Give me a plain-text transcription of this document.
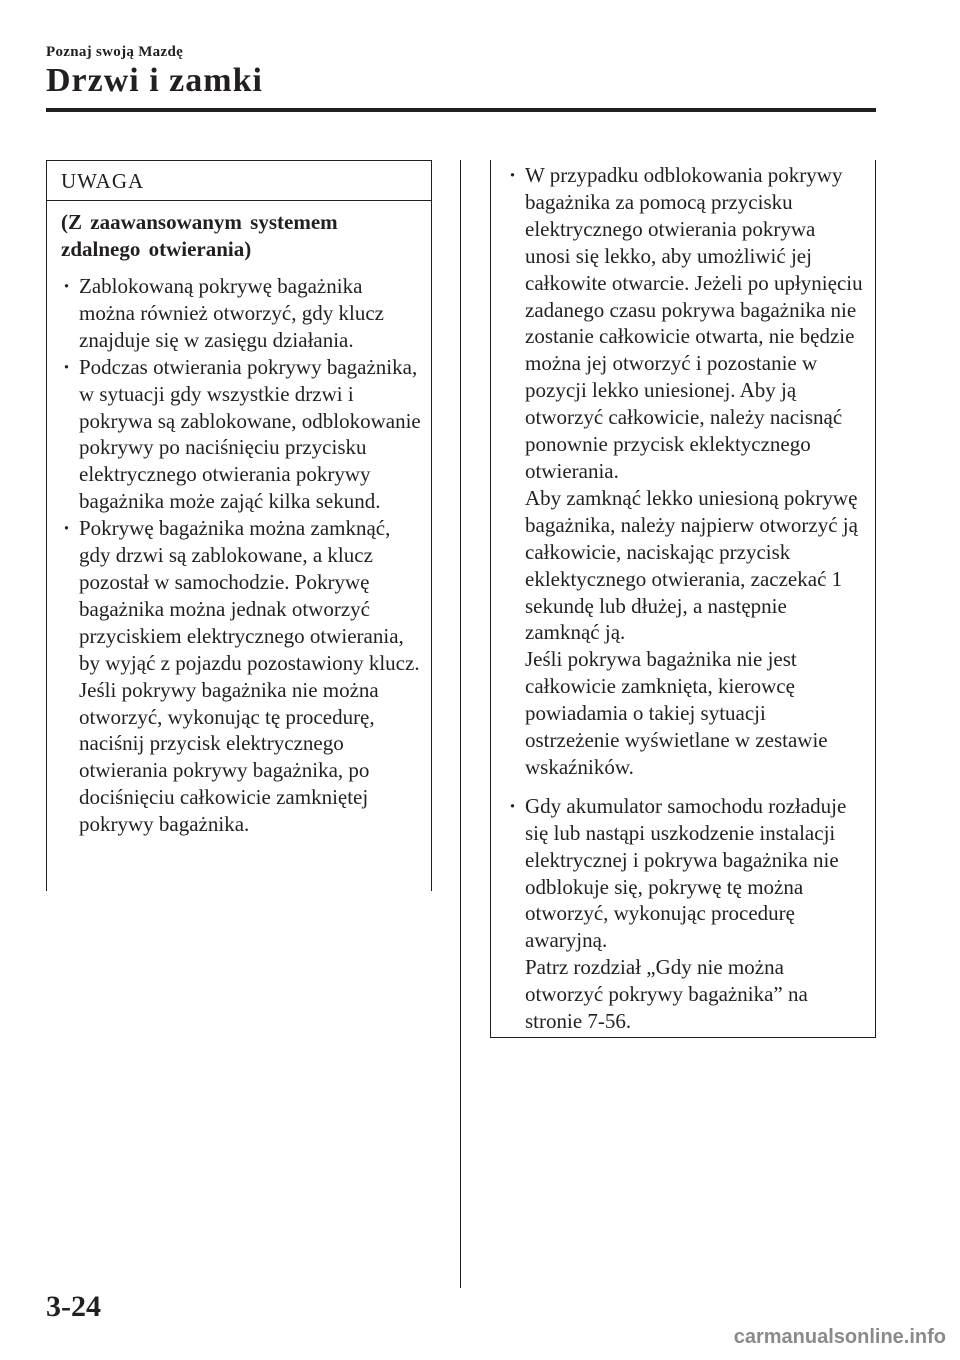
Poznaj swoją Mazdę
Drzwi i zamki
UWAGA
(Z zaawansowanym systemem zdalnego otwierania)
· Zablokowaną pokrywę bagażnika można również otworzyć, gdy klucz znajduje się w zasięgu działania.
· Podczas otwierania pokrywy bagażnika, w sytuacji gdy wszystkie drzwi i pokrywa są zablokowane, odblokowanie pokrywy po naciśnięciu przycisku elektrycznego otwierania pokrywy bagażnika może zająć kilka sekund.
· Pokrywę bagażnika można zamknąć, gdy drzwi są zablokowane, a klucz pozostał w samochodzie. Pokrywę bagażnika można jednak otworzyć przyciskiem elektrycznego otwierania, by wyjąć z pojazdu pozostawiony klucz. Jeśli pokrywy bagażnika nie można otworzyć, wykonując tę procedurę, naciśnij przycisk elektrycznego otwierania pokrywy bagażnika, po dociśnięciu całkowicie zamkniętej pokrywy bagażnika.
· W przypadku odblokowania pokrywy bagażnika za pomocą przycisku elektrycznego otwierania pokrywa unosi się lekko, aby umożliwić jej całkowite otwarcie. Jeżeli po upłynięciu zadanego czasu pokrywa bagażnika nie zostanie całkowicie otwarta, nie będzie można jej otworzyć i pozostanie w pozycji lekko uniesionej. Aby ją otworzyć całkowicie, należy nacisnąć ponownie przycisk eklektycznego otwierania.
Aby zamknąć lekko uniesioną pokrywę bagażnika, należy najpierw otworzyć ją całkowicie, naciskając przycisk eklektycznego otwierania, zaczekać 1 sekundę lub dłużej, a następnie zamknąć ją.
Jeśli pokrywa bagażnika nie jest całkowicie zamknięta, kierowcę powiadamia o takiej sytuacji ostrzeżenie wyświetlane w zestawie wskaźników.
· Gdy akumulator samochodu rozładuje się lub nastąpi uszkodzenie instalacji elektrycznej i pokrywa bagażnika nie odblokuje się, pokrywę tę można otworzyć, wykonując procedurę awaryjną.
Patrz rozdział „Gdy nie można otworzyć pokrywy bagażnika” na stronie 7-56.
3-24
carmanualsonline.info
